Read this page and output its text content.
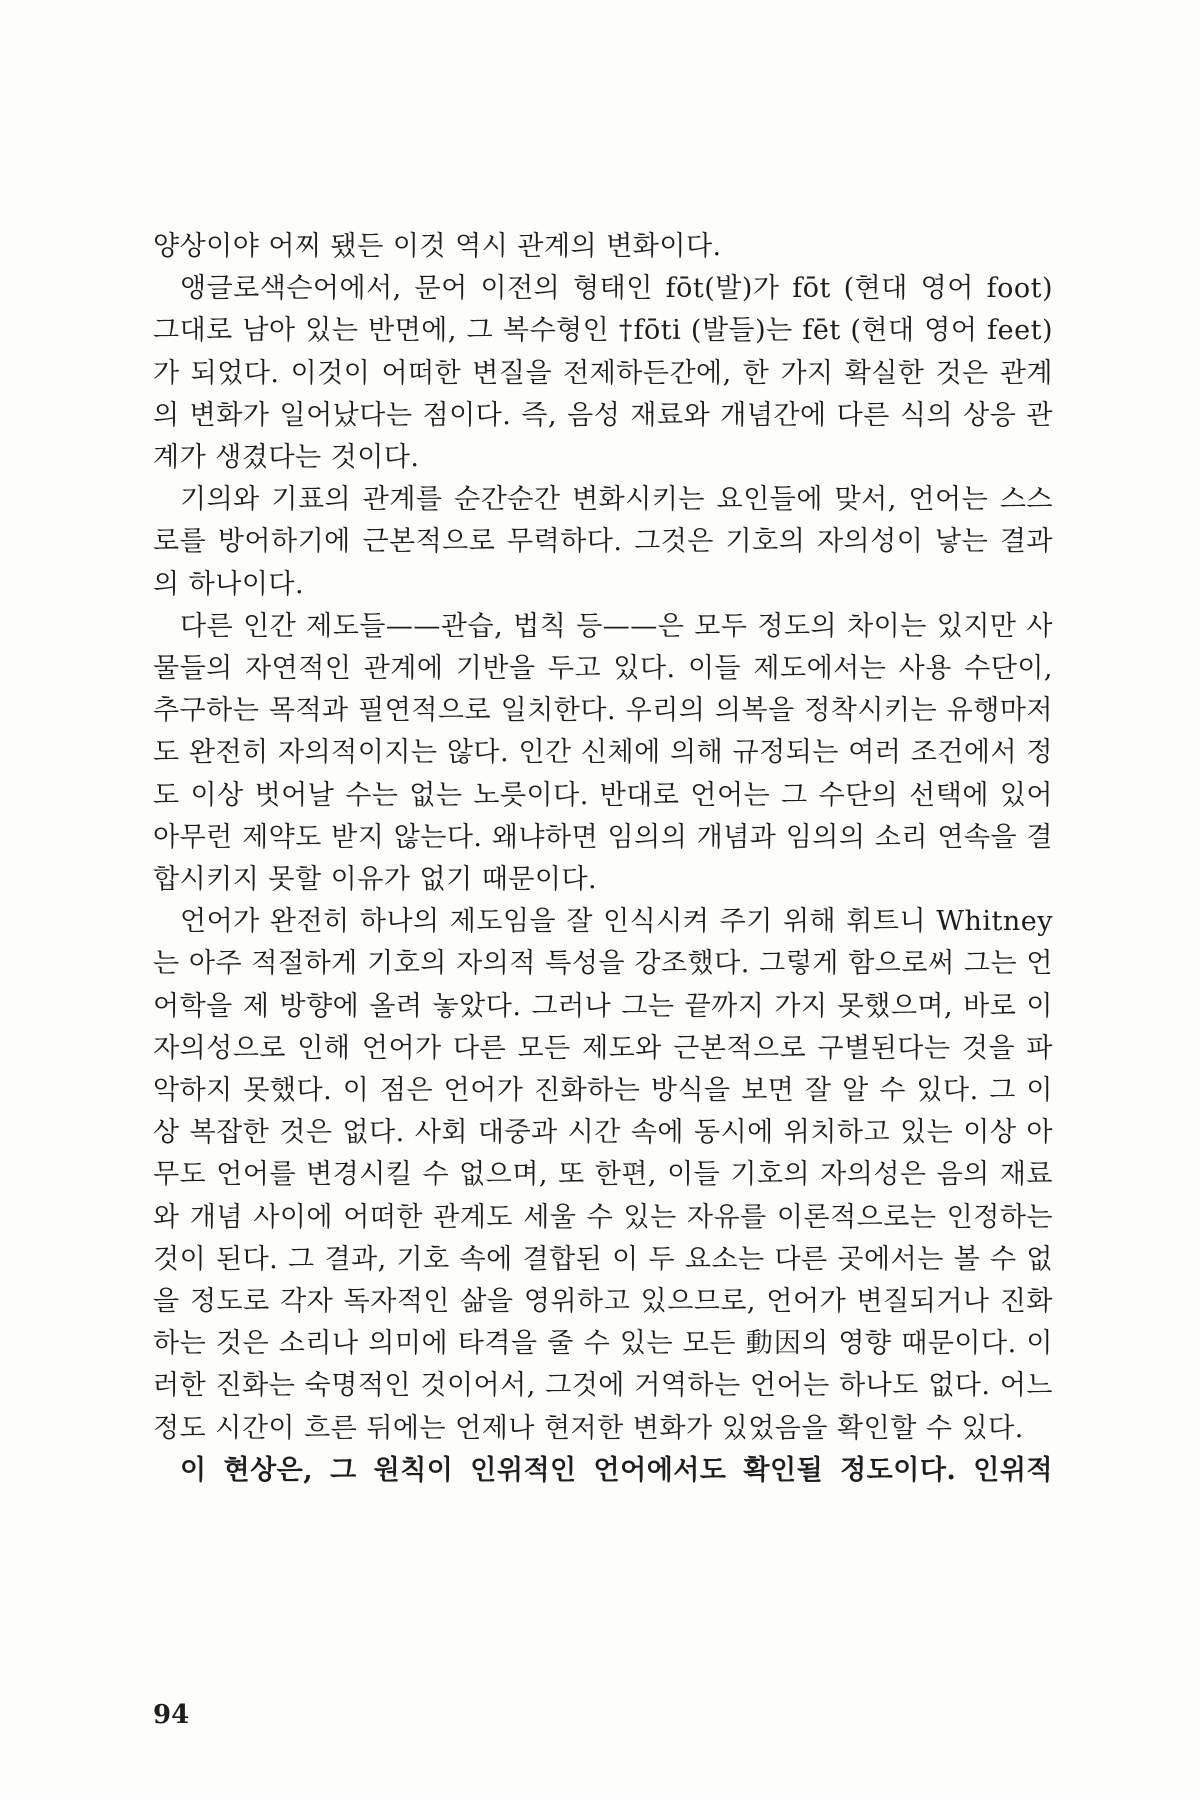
양상이야 어찌 됐든 이것 역시 관계의 변화이다.

앵글로색슨어에서, 문어 이전의 형태인 fōt(발)가 fōt (현대 영어 foot) 그대로 남아 있는 반면에, 그 복수형인 †fōti (발들)는 fēt (현대 영어 feet)가 되었다. 이것이 어떠한 변질을 전제하든간에, 한 가지 확실한 것은 관계의 변화가 일어났다는 점이다. 즉, 음성 재료와 개념간에 다른 식의 상응 관계가 생겼다는 것이다.

기의와 기표의 관계를 순간순간 변화시키는 요인들에 맞서, 언어는 스스로를 방어하기에 근본적으로 무력하다. 그것은 기호의 자의성이 낳는 결과의 하나이다.

다른 인간 제도들——관습, 법칙 등——은 모두 정도의 차이는 있지만 사물들의 자연적인 관계에 기반을 두고 있다. 이들 제도에서는 사용 수단이, 추구하는 목적과 필연적으로 일치한다. 우리의 의복을 정착시키는 유행마저도 완전히 자의적이지는 않다. 인간 신체에 의해 규정되는 여러 조건에서 정도 이상 벗어날 수는 없는 노릇이다. 반대로 언어는 그 수단의 선택에 있어 아무런 제약도 받지 않는다. 왜냐하면 임의의 개념과 임의의 소리 연속을 결합시키지 못할 이유가 없기 때문이다.

언어가 완전히 하나의 제도임을 잘 인식시켜 주기 위해 휘트니 Whitney는 아주 적절하게 기호의 자의적 특성을 강조했다. 그렇게 함으로써 그는 언어학을 제 방향에 올려 놓았다. 그러나 그는 끝까지 가지 못했으며, 바로 이 자의성으로 인해 언어가 다른 모든 제도와 근본적으로 구별된다는 것을 파악하지 못했다. 이 점은 언어가 진화하는 방식을 보면 잘 알 수 있다. 그 이상 복잡한 것은 없다. 사회 대중과 시간 속에 동시에 위치하고 있는 이상 아무도 언어를 변경시킬 수 없으며, 또 한편, 이들 기호의 자의성은 음의 재료와 개념 사이에 어떠한 관계도 세울 수 있는 자유를 이론적으로는 인정하는 것이 된다. 그 결과, 기호 속에 결합된 이 두 요소는 다른 곳에서는 볼 수 없을 정도로 각자 독자적인 삶을 영위하고 있으므로, 언어가 변질되거나 진화하는 것은 소리나 의미에 타격을 줄 수 있는 모든 動因의 영향 때문이다. 이러한 진화는 숙명적인 것이어서, 그것에 거역하는 언어는 하나도 없다. 어느 정도 시간이 흐른 뒤에는 언제나 현저한 변화가 있었음을 확인할 수 있다.

이 현상은, 그 원칙이 인위적인 언어에서도 확인될 정도이다. 인위적

94
